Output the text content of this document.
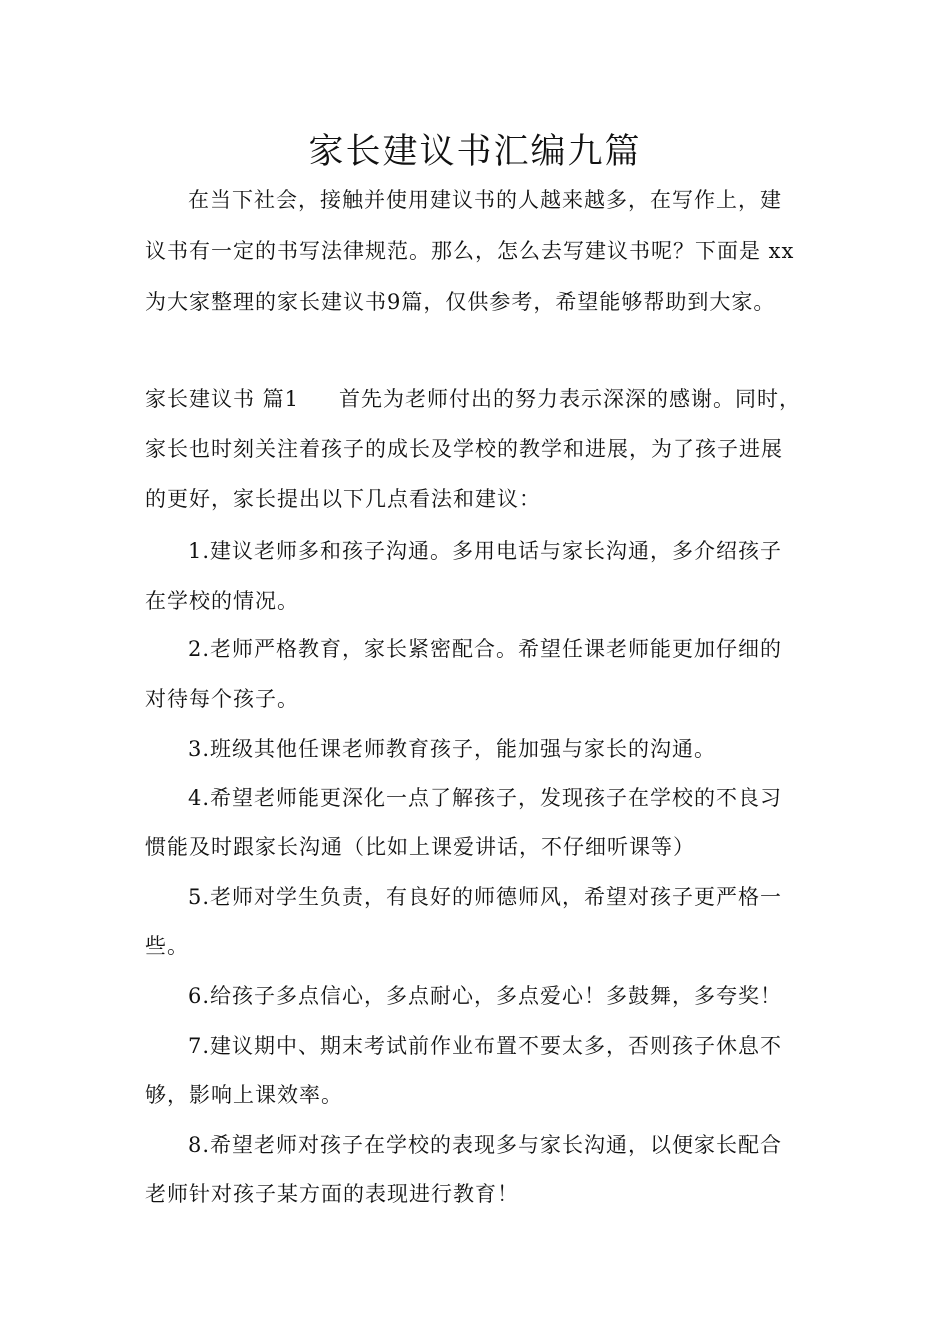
家长建议书汇编九篇
在当下社会，接触并使用建议书的人越来越多，在写作上，建
议书有一定的书写法律规范。那么，怎么去写建议书呢？下面是 xx
为大家整理的家长建议书9篇，仅供参考，希望能够帮助到大家。
家长建议书 篇1 首先为老师付出的努力表示深深的感谢。同时，
家长也时刻关注着孩子的成长及学校的教学和进展，为了孩子进展
的更好，家长提出以下几点看法和建议：
1.建议老师多和孩子沟通。多用电话与家长沟通，多介绍孩子
在学校的情况。
2.老师严格教育，家长紧密配合。希望任课老师能更加仔细的
对待每个孩子。
3.班级其他任课老师教育孩子，能加强与家长的沟通。
4.希望老师能更深化一点了解孩子，发现孩子在学校的不良习
惯能及时跟家长沟通（比如上课爱讲话，不仔细听课等）
5.老师对学生负责，有良好的师德师风，希望对孩子更严格一
些。
6.给孩子多点信心，多点耐心，多点爱心！多鼓舞，多夸奖！
7.建议期中、期末考试前作业布置不要太多，否则孩子休息不
够，影响上课效率。
8.希望老师对孩子在学校的表现多与家长沟通，以便家长配合
老师针对孩子某方面的表现进行教育！
